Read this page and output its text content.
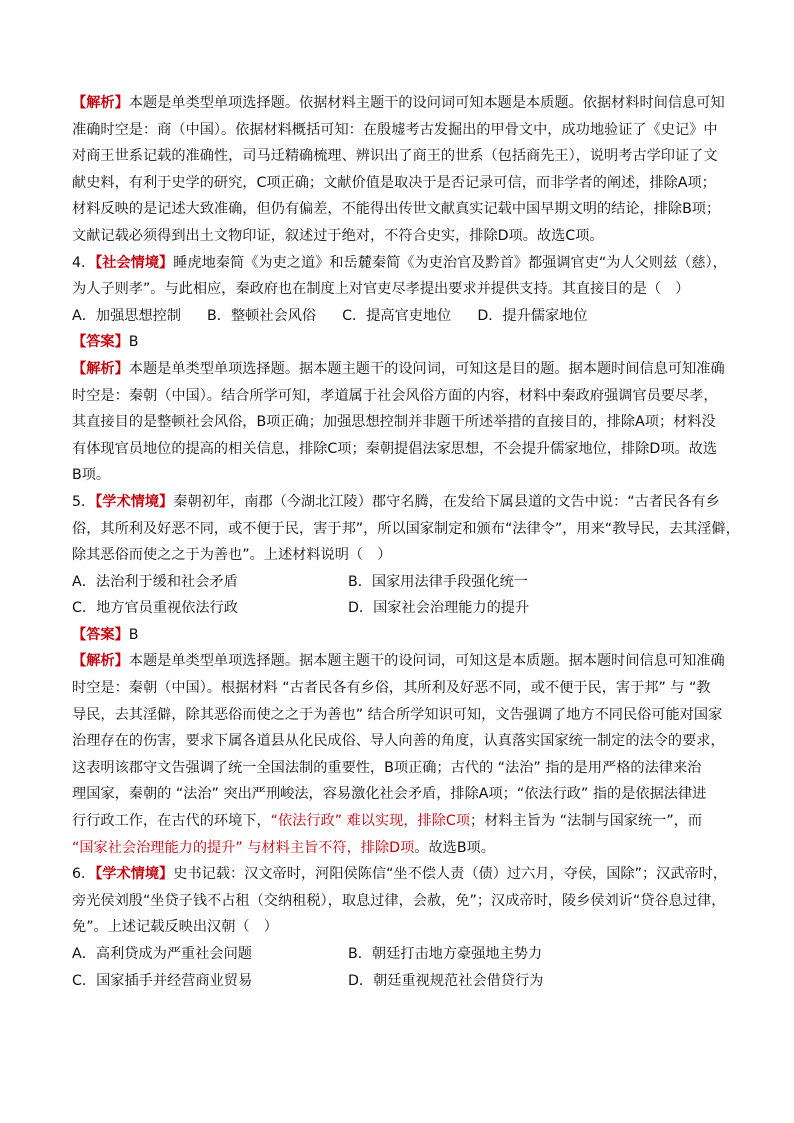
【解析】本题是单类型单项选择题。依据材料主题干的设问词可知本题是本质题。依据材料时间信息可知
准确时空是：商（中国）。依据材料概括可知：在殷墟考古发掘出的甲骨文中，成功地验证了《史记》中
对商王世系记载的准确性，司马迁精确梳理、辨识出了商王的世系（包括商先王），说明考古学印证了文
献史料，有利于史学的研究，C项正确；文献价值是取决于是否记录可信，而非学者的阐述，排除A项；
材料反映的是记述大致准确，但仍有偏差，不能得出传世文献真实记载中国早期文明的结论，排除B项；
文献记载必须得到出土文物印证，叙述过于绝对，不符合史实，排除D项。故选C项。
4．【社会情境】睡虎地秦简《为吏之道》和岳麓秦简《为吏治官及黔首》都强调官吏“为人父则兹（慈），
为人子则孝”。与此相应，秦政府也在制度上对官吏尽孝提出要求并提供支持。其直接目的是（　）
A．加强思想控制 B．整顿社会风俗 C．提高官吏地位 D．提升儒家地位
【答案】B
【解析】本题是单类型单项选择题。据本题主题干的设问词，可知这是目的题。据本题时间信息可知准确
时空是：秦朝（中国）。结合所学可知，孝道属于社会风俗方面的内容，材料中秦政府强调官员要尽孝，
其直接目的是整顿社会风俗，B项正确；加强思想控制并非题干所述举措的直接目的，排除A项；材料没
有体现官员地位的提高的相关信息，排除C项；秦朝提倡法家思想，不会提升儒家地位，排除D项。故选
B项。
5．【学术情境】秦朝初年，南郡（今湖北江陵）郡守名腾，在发给下属县道的文告中说：“古者民各有乡
俗，其所利及好恶不同，或不便于民，害于邦”，所以国家制定和颁布“法律令”，用来“教导民，去其淫僻，
除其恶俗而使之之于为善也”。上述材料说明（　）
A．法治利于缓和社会矛盾	B．国家用法律手段强化统一
C．地方官员重视依法行政	D．国家社会治理能力的提升
【答案】B
【解析】本题是单类型单项选择题。据本题主题干的设问词，可知这是本质题。据本题时间信息可知准确
时空是：秦朝（中国）。根据材料 “古者民各有乡俗，其所利及好恶不同，或不便于民，害于邦” 与 “教
导民，去其淫僻，除其恶俗而使之之于为善也” 结合所学知识可知，文告强调了地方不同民俗可能对国家
治理存在的伤害，要求下属各道县从化民成俗、导人向善的角度，认真落实国家统一制定的法令的要求，
这表明该郡守文告强调了统一全国法制的重要性，B项正确；古代的 “法治” 指的是用严格的法律来治
理国家，秦朝的 “法治” 突出严刑峻法，容易激化社会矛盾，排除A项；“依法行政” 指的是依据法律进
行行政工作，在古代的环境下，“依法行政” 难以实现，排除C项；材料主旨为 “法制与国家统一”，而
“国家社会治理能力的提升” 与材料主旨不符，排除D项。故选B项。
6．【学术情境】史书记载：汉文帝时，河阳侯陈信“坐不偿人责（债）过六月，夺侯，国除”；汉武帝时，
旁光侯刘殷“坐贷子钱不占租（交纳租税），取息过律，会赦，免”；汉成帝时，陵乡侯刘䜣“贷谷息过律，
免”。上述记载反映出汉朝（　）
A．高利贷成为严重社会问题	B．朝廷打击地方豪强地主势力
C．国家插手并经营商业贸易	D．朝廷重视规范社会借贷行为
